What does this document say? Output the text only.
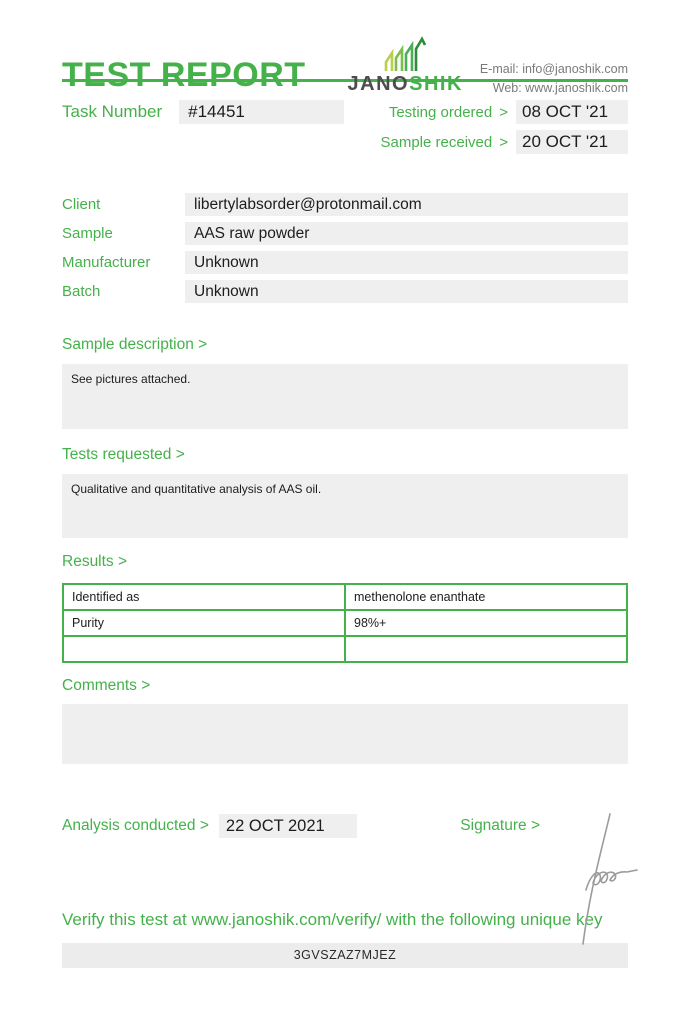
TEST REPORT JANOSHIK
E-mail: info@janoshik.com
Web: www.janoshik.com
Task Number	#14451	Testing ordered > 08 OCT '21
Sample received > 20 OCT '21
Client	libertylabsorder@protonmail.com
Sample	AAS raw powder
Manufacturer	Unknown
Batch	Unknown
Sample description >
See pictures attached.
Tests requested >
Qualitative and quantitative analysis of AAS oil.
Results >
Identified as	methenolone enanthate
Purity	98%+

Comments >
Analysis conducted >	22 OCT 2021	Signature >
Verify this test at www.janoshik.com/verify/ with the following unique key
3GVSZAZ7MJEZ
